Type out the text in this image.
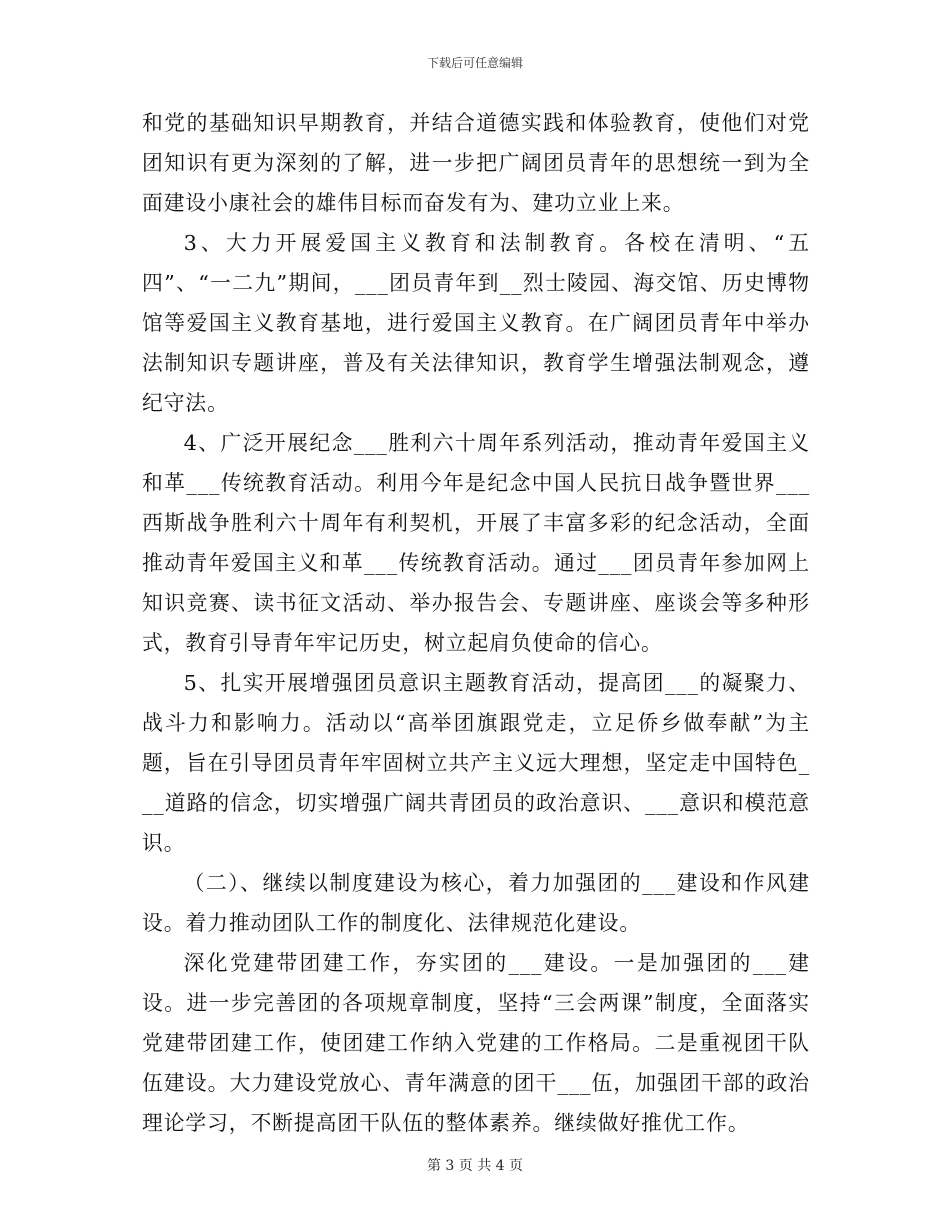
下载后可任意编辑

和党的基础知识早期教育，并结合道德实践和体验教育，使他们对党团知识有更为深刻的了解，进一步把广阔团员青年的思想统一到为全面建设小康社会的雄伟目标而奋发有为、建功立业上来。

3、大力开展爱国主义教育和法制教育。各校在清明、“五四”、“一二九”期间，___团员青年到__烈士陵园、海交馆、历史博物馆等爱国主义教育基地，进行爱国主义教育。在广阔团员青年中举办法制知识专题讲座，普及有关法律知识，教育学生增强法制观念，遵纪守法。

4、广泛开展纪念___胜利六十周年系列活动，推动青年爱国主义和革___传统教育活动。利用今年是纪念中国人民抗日战争暨世界___西斯战争胜利六十周年有利契机，开展了丰富多彩的纪念活动，全面推动青年爱国主义和革___传统教育活动。通过___团员青年参加网上知识竞赛、读书征文活动、举办报告会、专题讲座、座谈会等多种形式，教育引导青年牢记历史，树立起肩负使命的信心。

5、扎实开展增强团员意识主题教育活动，提高团___的凝聚力、战斗力和影响力。活动以“高举团旗跟党走，立足侨乡做奉献”为主题，旨在引导团员青年牢固树立共产主义远大理想，坚定走中国特色___道路的信念，切实增强广阔共青团员的政治意识、___意识和模范意识。

（二）、继续以制度建设为核心，着力加强团的___建设和作风建设。着力推动团队工作的制度化、法律规范化建设。

深化党建带团建工作，夯实团的___建设。一是加强团的___建设。进一步完善团的各项规章制度，坚持“三会两课”制度，全面落实党建带团建工作，使团建工作纳入党建的工作格局。二是重视团干队伍建设。大力建设党放心、青年满意的团干___伍，加强团干部的政治理论学习，不断提高团干队伍的整体素养。继续做好推优工作。

第 3 页 共 4 页
